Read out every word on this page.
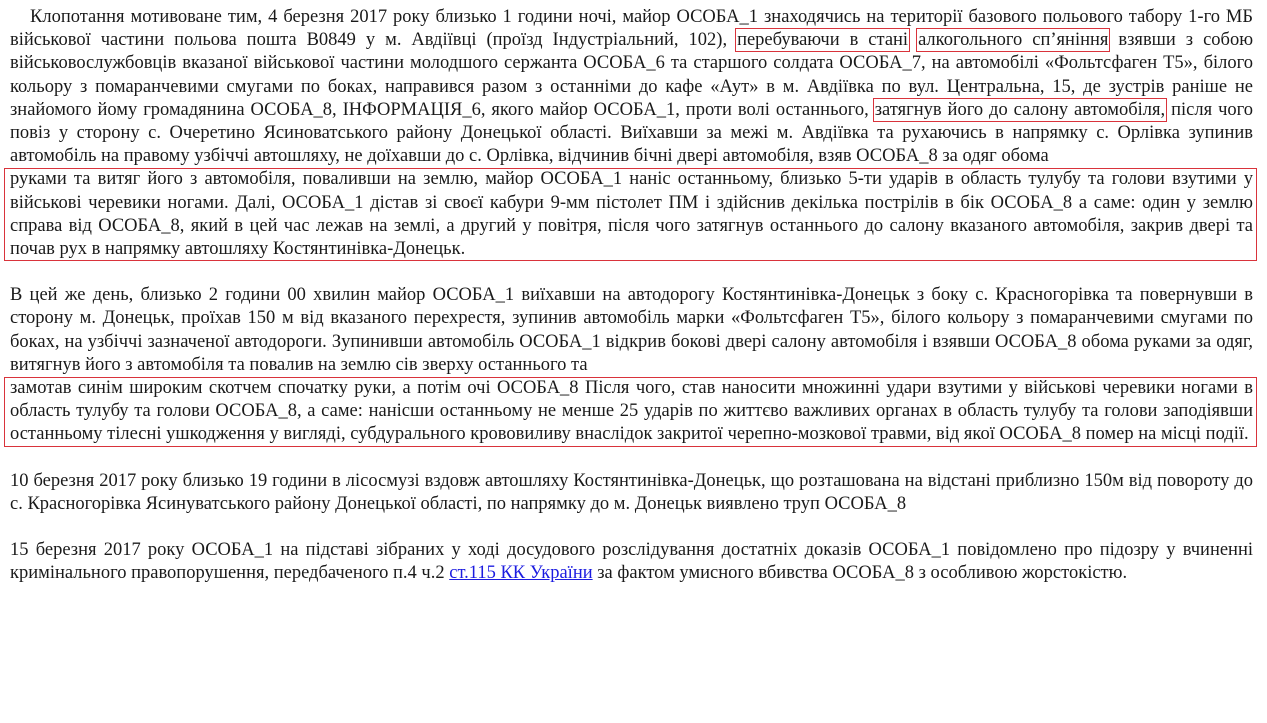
Клопотання мотивоване тим, 4 березня 2017 року близько 1 години ночі, майор ОСОБА_1 знаходячись на території базового польового табору 1-го МБ військової частини польова пошта В0849 у м. Авдіївці (проїзд Індустріальний, 102), перебуваючи в стані алкогольного сп’яніння взявши з собою військовослужбовців вказаної військової частини молодшого сержанта ОСОБА_6 та старшого солдата ОСОБА_7, на автомобілі «Фольтсфаген Т5», білого кольору з помаранчевими смугами по боках, направився разом з останніми до кафе «Аут» в м. Авдіївка по вул. Центральна, 15, де зустрів раніше не знайомого йому громадянина ОСОБА_8, ІНФОРМАЦІЯ_6, якого майор ОСОБА_1, проти волі останнього, затягнув його до салону автомобіля, після чого повіз у сторону с. Очеретино Ясиноватського району Донецької області. Виїхавши за межі м. Авдіївка та рухаючись в напрямку с. Орлівка зупинив автомобіль на правому узбіччі автошляху, не доїхавши до с. Орлівка, відчинив бічні двері автомобіля, взяв ОСОБА_8 за одяг обома

руками та витяг його з автомобіля, поваливши на землю, майор ОСОБА_1 наніс останньому, близько 5-ти ударів в область тулубу та голови взутими у військові черевики ногами. Далі, ОСОБА_1 дістав зі своєї кабури 9-мм пістолет ПМ і здійснив декілька пострілів в бік ОСОБА_8 а саме: один у землю справа від ОСОБА_8, який в цей час лежав на землі, а другий у повітря, після чого затягнув останнього до салону вказаного автомобіля, закрив двері та почав рух в напрямку автошляху Костянтинівка-Донецьк.

В цей же день, близько 2 години 00 хвилин майор ОСОБА_1 виїхавши на автодорогу Костянтинівка-Донецьк з боку с. Красногорівка та повернувши в сторону м. Донецьк, проїхав 150 м від вказаного перехрестя, зупинив автомобіль марки «Фольтсфаген Т5», білого кольору з помаранчевими смугами по боках, на узбіччі зазначеної автодороги. Зупинивши автомобіль ОСОБА_1 відкрив бокові двері салону автомобіля і взявши ОСОБА_8 обома руками за одяг, витягнув його з автомобіля та повалив на землю сів зверху останнього та

замотав синім широким скотчем спочатку руки, а потім очі ОСОБА_8 Після чого, став наносити множинні удари взутими у військові черевики ногами в область тулубу та голови ОСОБА_8, а саме: нанісши останньому не менше 25 ударів по життєво важливих органах в область тулубу та голови заподіявши останньому тілесні ушкодження у вигляді, субдурального крововиливу внаслідок закритої черепно-мозкової травми, від якої ОСОБА_8 помер на місці події.

10 березня 2017 року близько 19 години в лісосмузі вздовж автошляху Костянтинівка-Донецьк, що розташована на відстані приблизно 150м від повороту до с. Красногорівка Ясинуватського району Донецької області, по напрямку до м. Донецьк виявлено труп ОСОБА_8

15 березня 2017 року ОСОБА_1 на підставі зібраних у ході досудового розслідування достатніх доказів ОСОБА_1 повідомлено про підозру у вчиненні кримінального правопорушення, передбаченого п.4 ч.2 ст.115 КК України за фактом умисного вбивства ОСОБА_8 з особливою жорстокістю.
